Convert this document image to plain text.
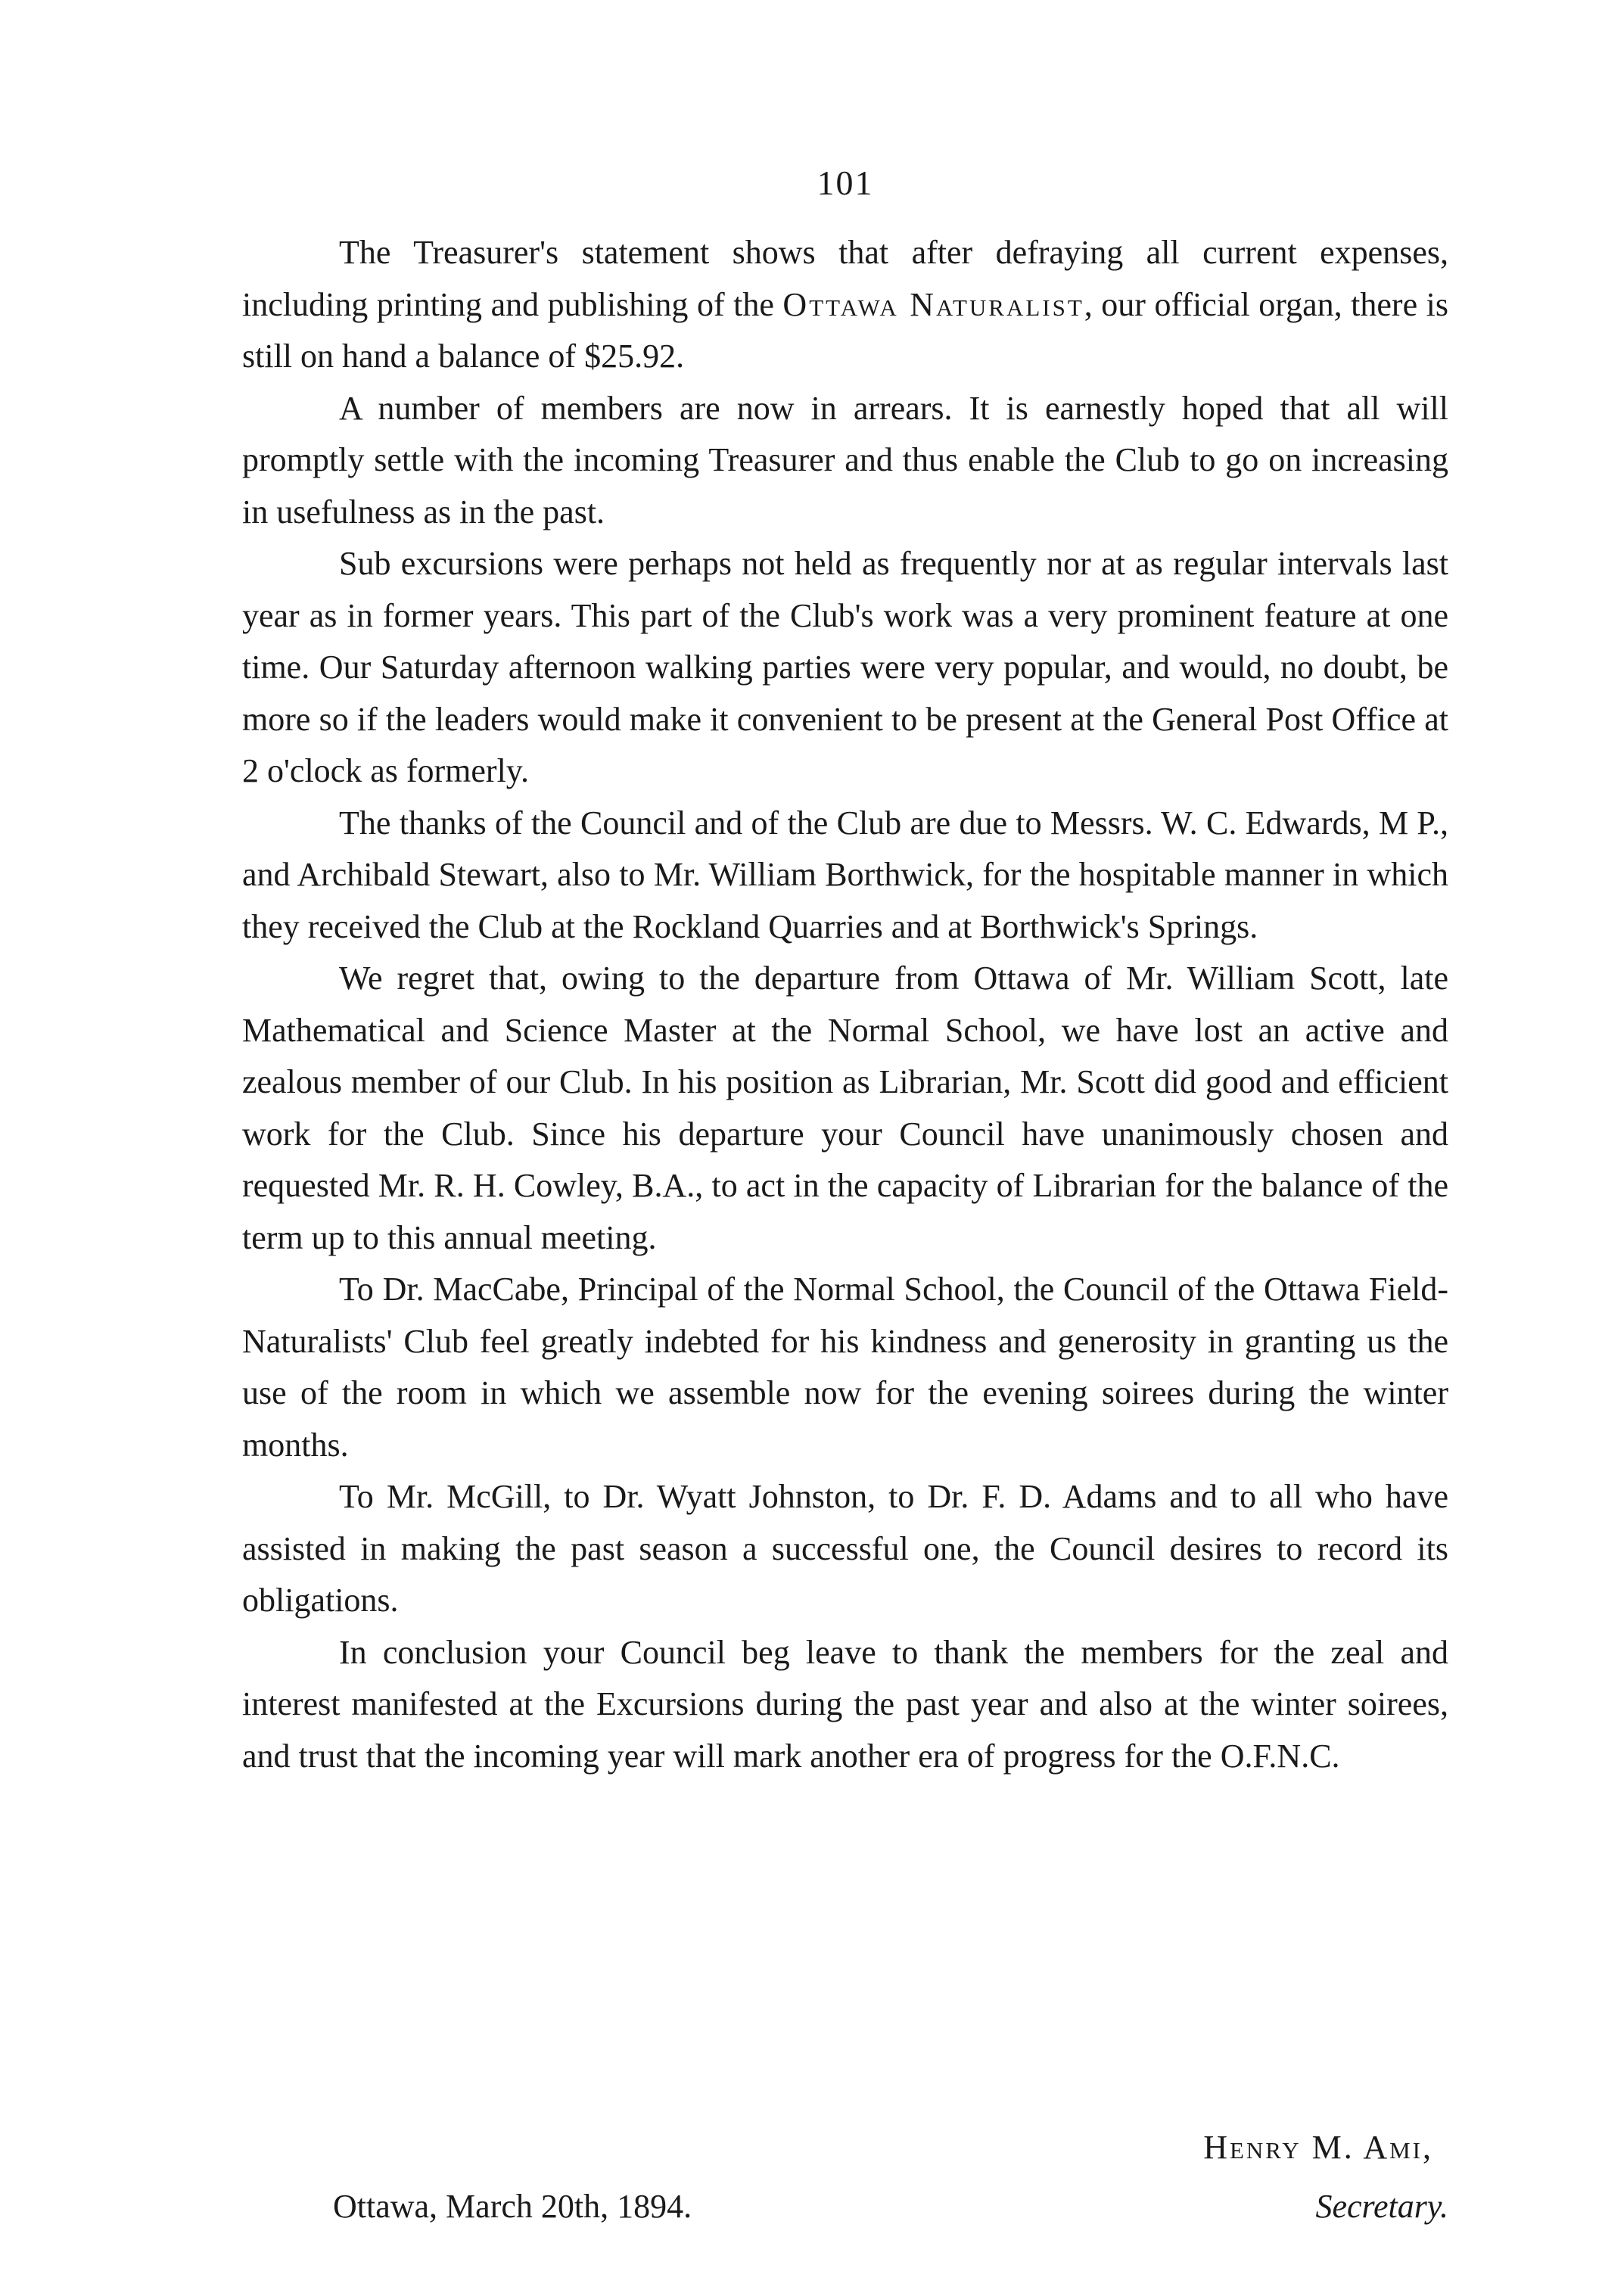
101

The Treasurer's statement shows that after defraying all current expenses, including printing and publishing of the Ottawa Naturalist, our official organ, there is still on hand a balance of $25.92.

A number of members are now in arrears. It is earnestly hoped that all will promptly settle with the incoming Treasurer and thus enable the Club to go on increasing in usefulness as in the past.

Sub excursions were perhaps not held as frequently nor at as regular intervals last year as in former years. This part of the Club's work was a very prominent feature at one time. Our Saturday afternoon walking parties were very popular, and would, no doubt, be more so if the leaders would make it convenient to be present at the General Post Office at 2 o'clock as formerly.

The thanks of the Council and of the Club are due to Messrs. W. C. Edwards, M P., and Archibald Stewart, also to Mr. William Borthwick, for the hospitable manner in which they received the Club at the Rockland Quarries and at Borthwick's Springs.

We regret that, owing to the departure from Ottawa of Mr. William Scott, late Mathematical and Science Master at the Normal School, we have lost an active and zealous member of our Club. In his position as Librarian, Mr. Scott did good and efficient work for the Club. Since his departure your Council have unanimously chosen and requested Mr. R. H. Cowley, B.A., to act in the capacity of Librarian for the balance of the term up to this annual meeting.

To Dr. MacCabe, Principal of the Normal School, the Council of the Ottawa Field-Naturalists' Club feel greatly indebted for his kindness and generosity in granting us the use of the room in which we assemble now for the evening soirees during the winter months.

To Mr. McGill, to Dr. Wyatt Johnston, to Dr. F. D. Adams and to all who have assisted in making the past season a successful one, the Council desires to record its obligations.

In conclusion your Council beg leave to thank the members for the zeal and interest manifested at the Excursions during the past year and also at the winter soirees, and trust that the incoming year will mark another era of progress for the O.F.N.C.

Henry M. Ami,
Ottawa, March 20th, 1894.	Secretary.
